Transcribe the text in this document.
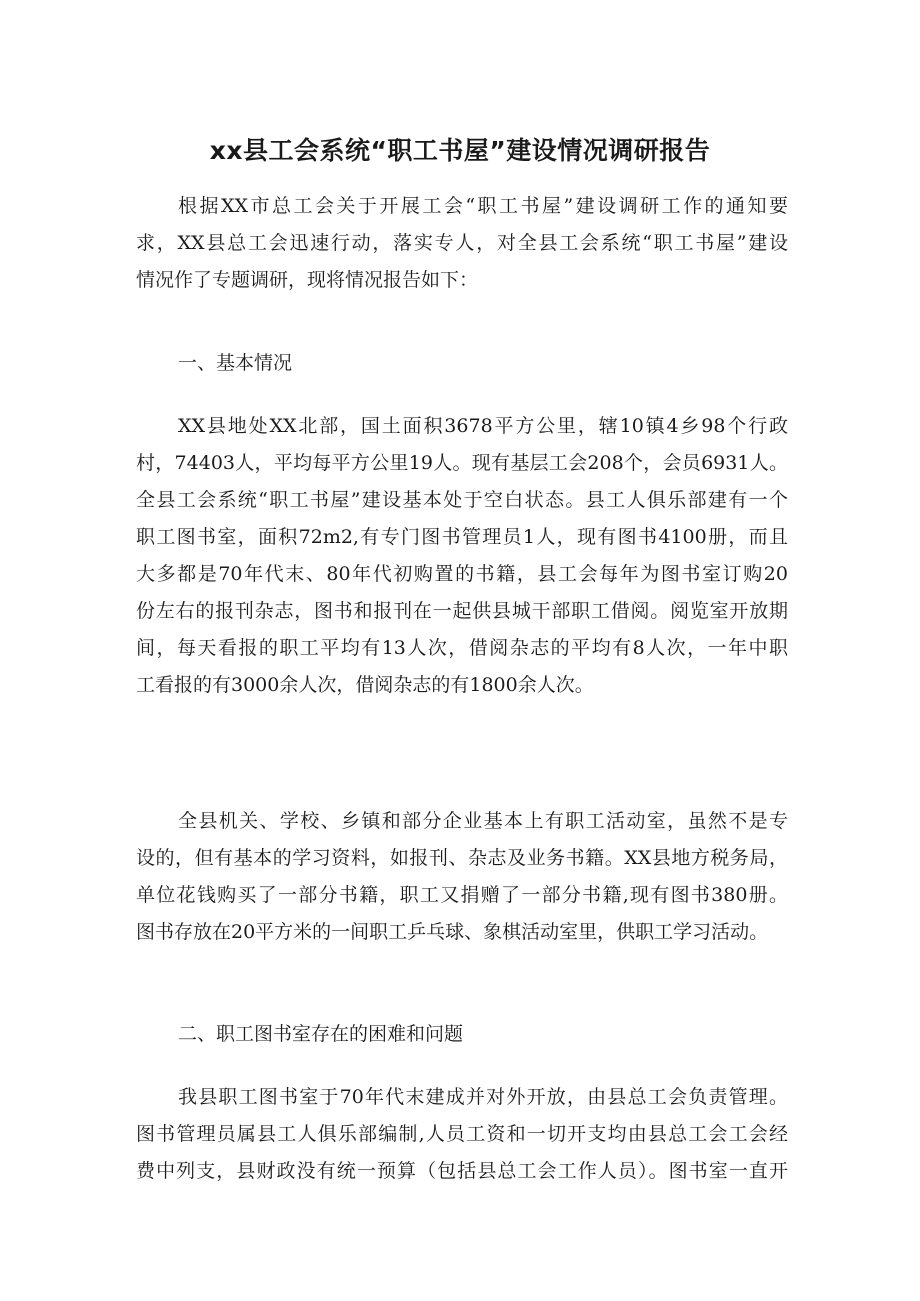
xx县工会系统“职工书屋”建设情况调研报告
根据XX市总工会关于开展工会“职工书屋”建设调研工作的通知要
求，XX县总工会迅速行动，落实专人，对全县工会系统“职工书屋”建设
情况作了专题调研，现将情况报告如下：
一、基本情况
XX县地处XX北部，国土面积3678平方公里，辖10镇4乡98个行政
村，74403人，平均每平方公里19人。现有基层工会208个，会员6931人。
全县工会系统“职工书屋”建设基本处于空白状态。县工人俱乐部建有一个
职工图书室，面积72m2,有专门图书管理员1人，现有图书4100册，而且
大多都是70年代末、80年代初购置的书籍，县工会每年为图书室订购20
份左右的报刊杂志，图书和报刊在一起供县城干部职工借阅。阅览室开放期
间，每天看报的职工平均有13人次，借阅杂志的平均有8人次，一年中职
工看报的有3000余人次，借阅杂志的有1800余人次。
全县机关、学校、乡镇和部分企业基本上有职工活动室，虽然不是专
设的，但有基本的学习资料，如报刊、杂志及业务书籍。XX县地方税务局，
单位花钱购买了一部分书籍，职工又捐赠了一部分书籍,现有图书380册。
图书存放在20平方米的一间职工乒乓球、象棋活动室里，供职工学习活动。
二、职工图书室存在的困难和问题
我县职工图书室于70年代末建成并对外开放，由县总工会负责管理。
图书管理员属县工人俱乐部编制,人员工资和一切开支均由县总工会工会经
费中列支，县财政没有统一预算（包括县总工会工作人员）。图书室一直开
